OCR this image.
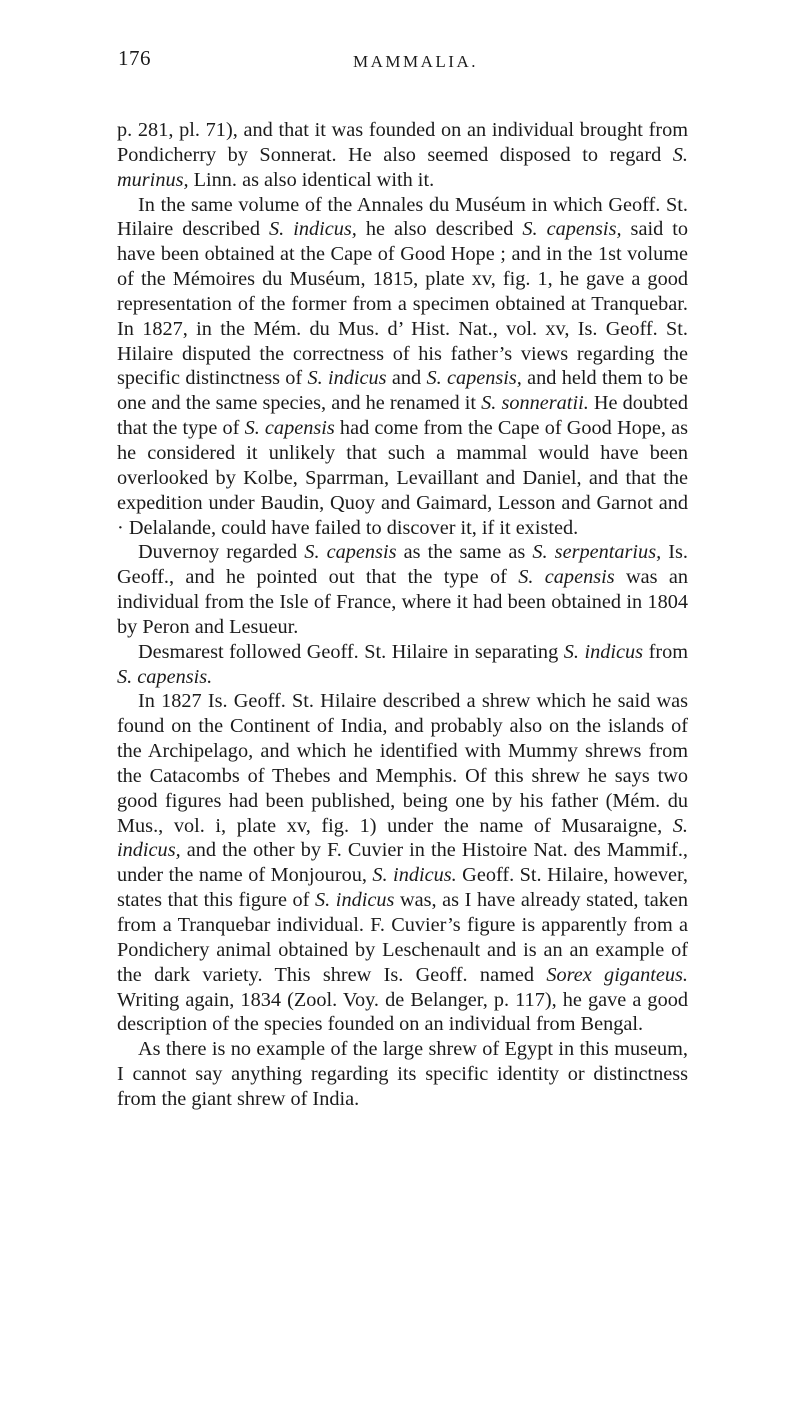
176	MAMMALIA.

p. 281, pl. 71), and that it was founded on an individual brought from Pondicherry by Sonnerat. He also seemed disposed to regard S. murinus, Linn. as also identical with it.

In the same volume of the Annales du Muséum in which Geoff. St. Hilaire described S. indicus, he also described S. capensis, said to have been obtained at the Cape of Good Hope ; and in the 1st volume of the Mémoires du Muséum, 1815, plate xv, fig. 1, he gave a good representation of the former from a specimen obtained at Tranquebar. In 1827, in the Mém. du Mus. d’ Hist. Nat., vol. xv, Is. Geoff. St. Hilaire disputed the correctness of his father’s views regarding the specific distinctness of S. indicus and S. capensis, and held them to be one and the same species, and he renamed it S. sonneratii. He doubted that the type of S. capensis had come from the Cape of Good Hope, as he considered it unlikely that such a mammal would have been overlooked by Kolbe, Sparrman, Levaillant and Daniel, and that the expedition under Baudin, Quoy and Gaimard, Lesson and Garnot and · Delalande, could have failed to discover it, if it existed.

Duvernoy regarded S. capensis as the same as S. serpentarius, Is. Geoff., and he pointed out that the type of S. capensis was an individual from the Isle of France, where it had been obtained in 1804 by Peron and Lesueur.

Desmarest followed Geoff. St. Hilaire in separating S. indicus from S. capensis.

In 1827 Is. Geoff. St. Hilaire described a shrew which he said was found on the Continent of India, and probably also on the islands of the Archipelago, and which he identified with Mummy shrews from the Catacombs of Thebes and Memphis. Of this shrew he says two good figures had been published, being one by his father (Mém. du Mus., vol. i, plate xv, fig. 1) under the name of Musaraigne, S. indicus, and the other by F. Cuvier in the Histoire Nat. des Mammif., under the name of Monjourou, S. indicus. Geoff. St. Hilaire, however, states that this figure of S. indicus was, as I have already stated, taken from a Tranquebar individual. F. Cuvier’s figure is apparently from a Pondichery animal obtained by Leschenault and is an an example of the dark variety. This shrew Is. Geoff. named Sorex giganteus. Writing again, 1834 (Zool. Voy. de Belanger, p. 117), he gave a good description of the species founded on an individual from Bengal.

As there is no example of the large shrew of Egypt in this museum, I cannot say anything regarding its specific identity or distinctness from the giant shrew of India.
